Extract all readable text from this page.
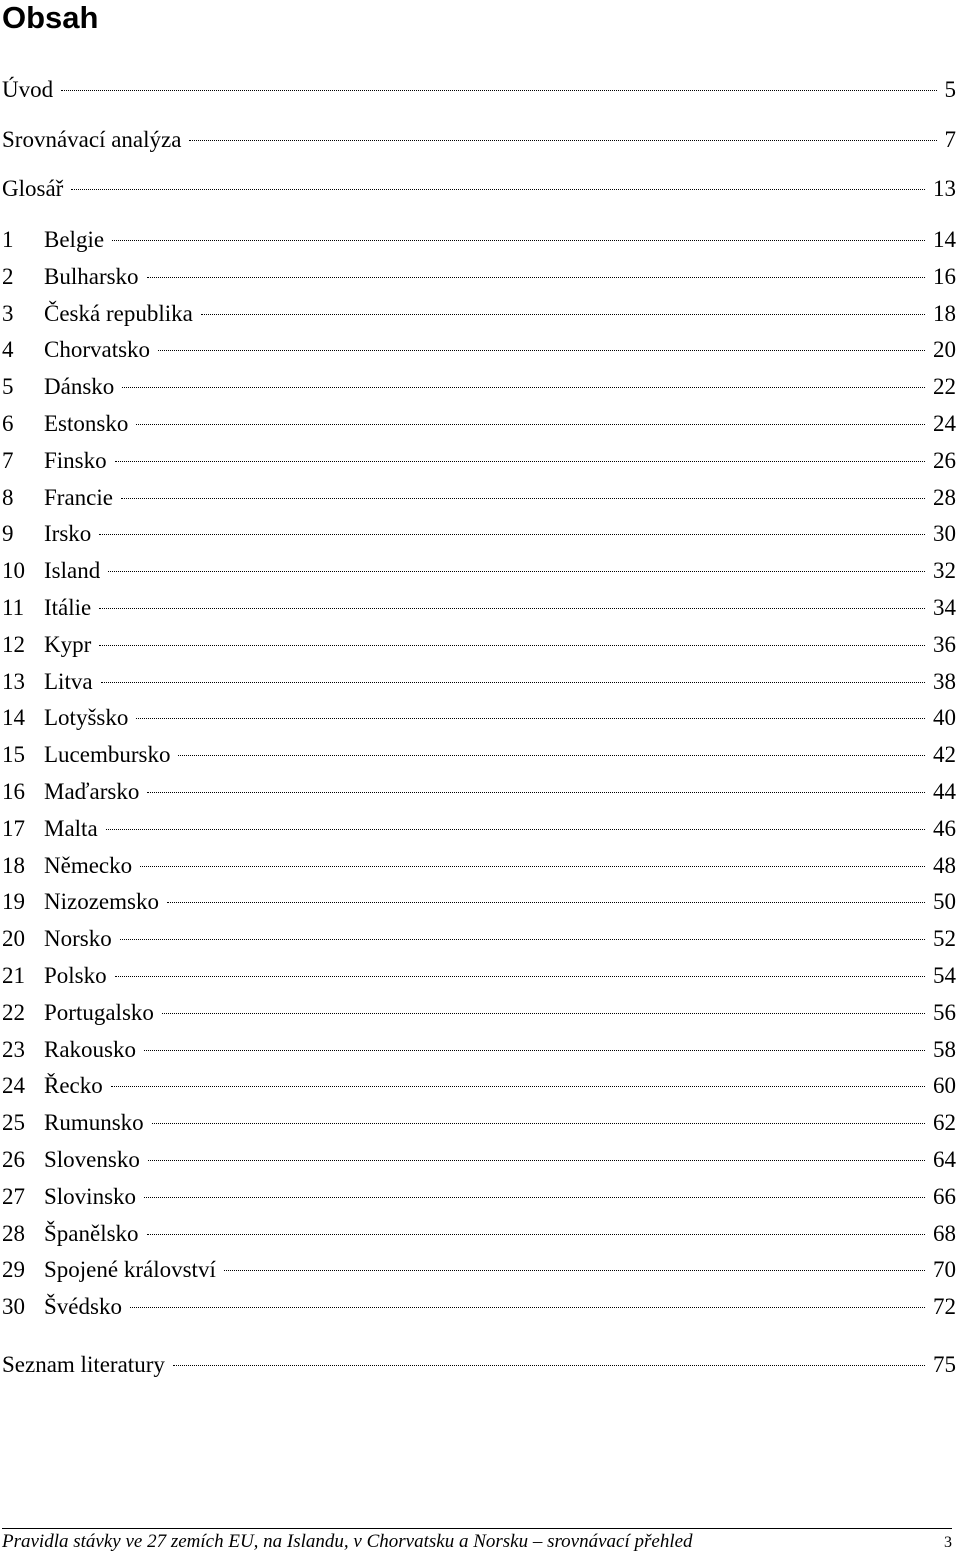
Obsah
Úvod	5
Srovnávací analýza	7
Glosář	13
1	Belgie	14
2	Bulharsko	16
3	Česká republika	18
4	Chorvatsko	20
5	Dánsko	22
6	Estonsko	24
7	Finsko	26
8	Francie	28
9	Irsko	30
10 Island	32
11 Itálie	34
12 Kypr	36
13 Litva	38
14 Lotyšsko	40
15 Lucembursko	42
16 Maďarsko	44
17 Malta	46
18 Německo	48
19 Nizozemsko	50
20 Norsko	52
21 Polsko	54
22 Portugalsko	56
23 Rakousko	58
24 Řecko	60
25 Rumunsko	62
26 Slovensko	64
27 Slovinsko	66
28 Španělsko	68
29 Spojené království	70
30 Švédsko	72
Seznam literatury	75
Pravidla stávky ve 27 zemích EU, na Islandu, v Chorvatsku a Norsku – srovnávací přehled	3
